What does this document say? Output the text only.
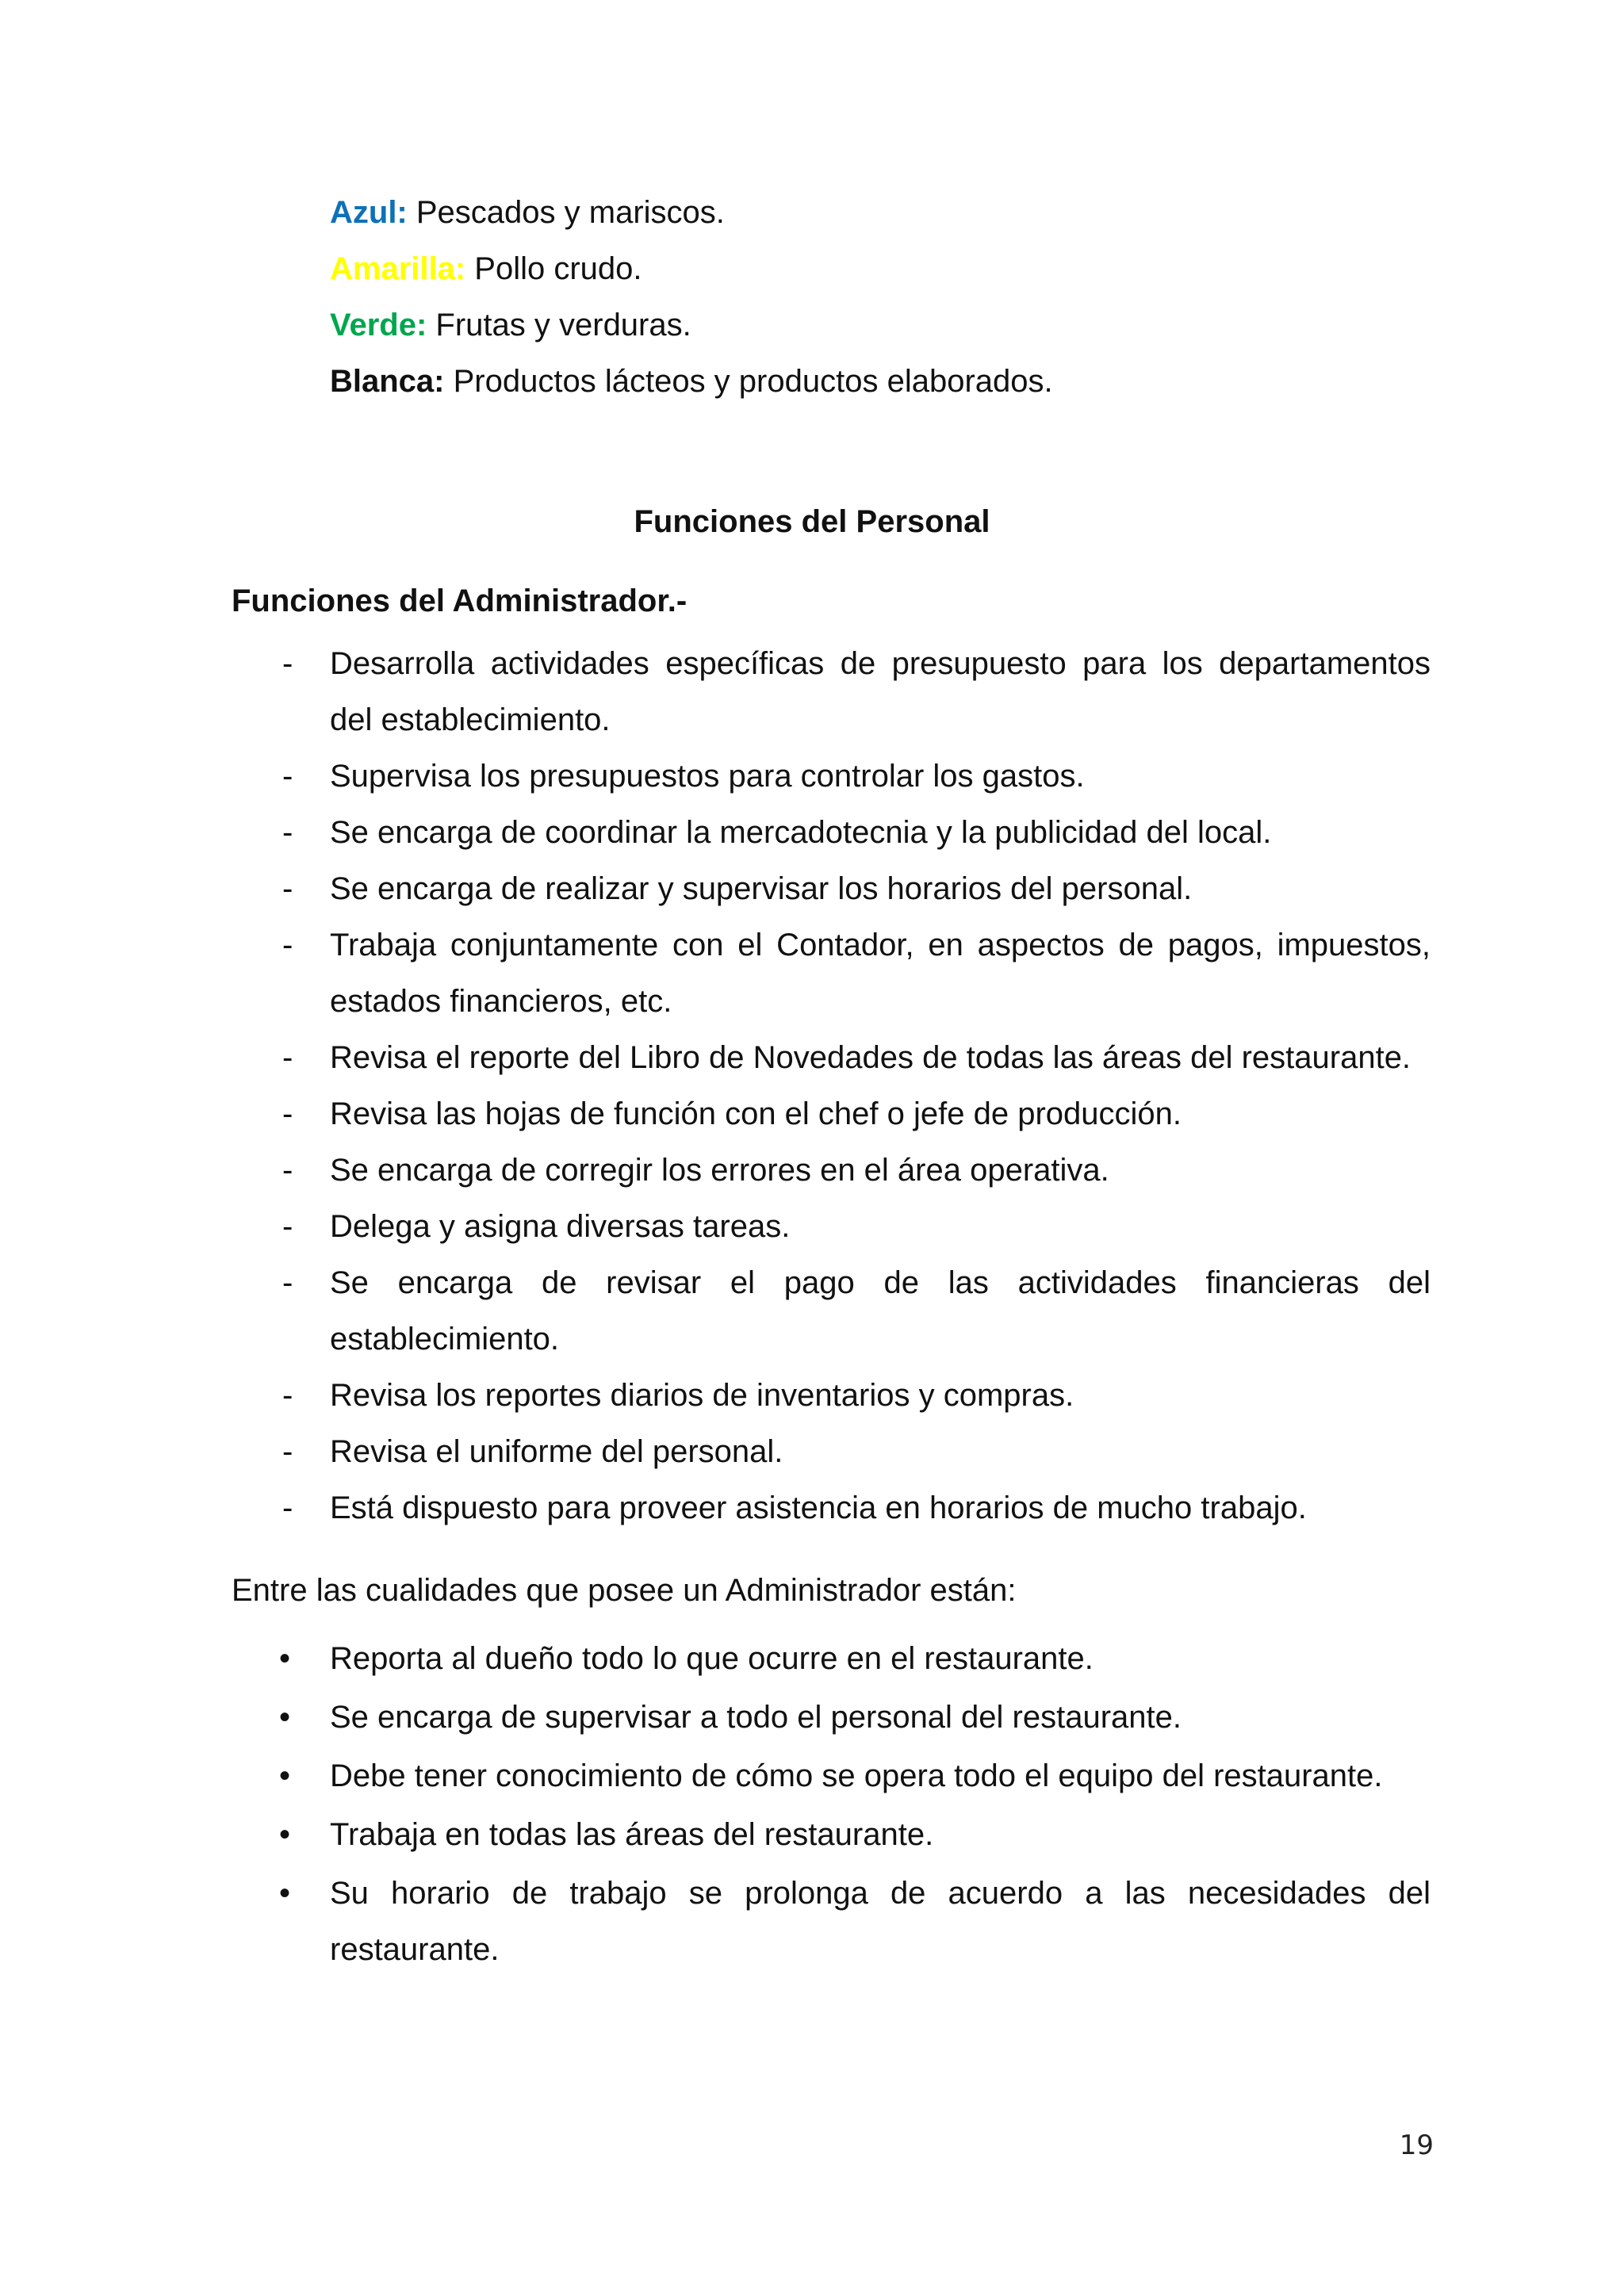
Azul: Pescados y mariscos.
Amarilla: Pollo crudo.
Verde: Frutas y verduras.
Blanca: Productos lácteos y productos elaborados.
Funciones del Personal
Funciones del Administrador.-
- Desarrolla actividades específicas de presupuesto para los departamentos
del establecimiento.
- Supervisa los presupuestos para controlar los gastos.
- Se encarga de coordinar la mercadotecnia y la publicidad del local.
- Se encarga de realizar y supervisar los horarios del personal.
- Trabaja conjuntamente con el Contador, en aspectos de pagos, impuestos,
estados financieros, etc.
- Revisa el reporte del Libro de Novedades de todas las áreas del restaurante.
- Revisa las hojas de función con el chef o jefe de producción.
- Se encarga de corregir los errores en el área operativa.
- Delega y asigna diversas tareas.
- Se encarga de revisar el pago de las actividades financieras del
establecimiento.
- Revisa los reportes diarios de inventarios y compras.
- Revisa el uniforme del personal.
- Está dispuesto para proveer asistencia en horarios de mucho trabajo.
Entre las cualidades que posee un Administrador están:
• Reporta al dueño todo lo que ocurre en el restaurante.
• Se encarga de supervisar a todo el personal del restaurante.
• Debe tener conocimiento de cómo se opera todo el equipo del restaurante.
• Trabaja en todas las áreas del restaurante.
• Su horario de trabajo se prolonga de acuerdo a las necesidades del
restaurante.
19
